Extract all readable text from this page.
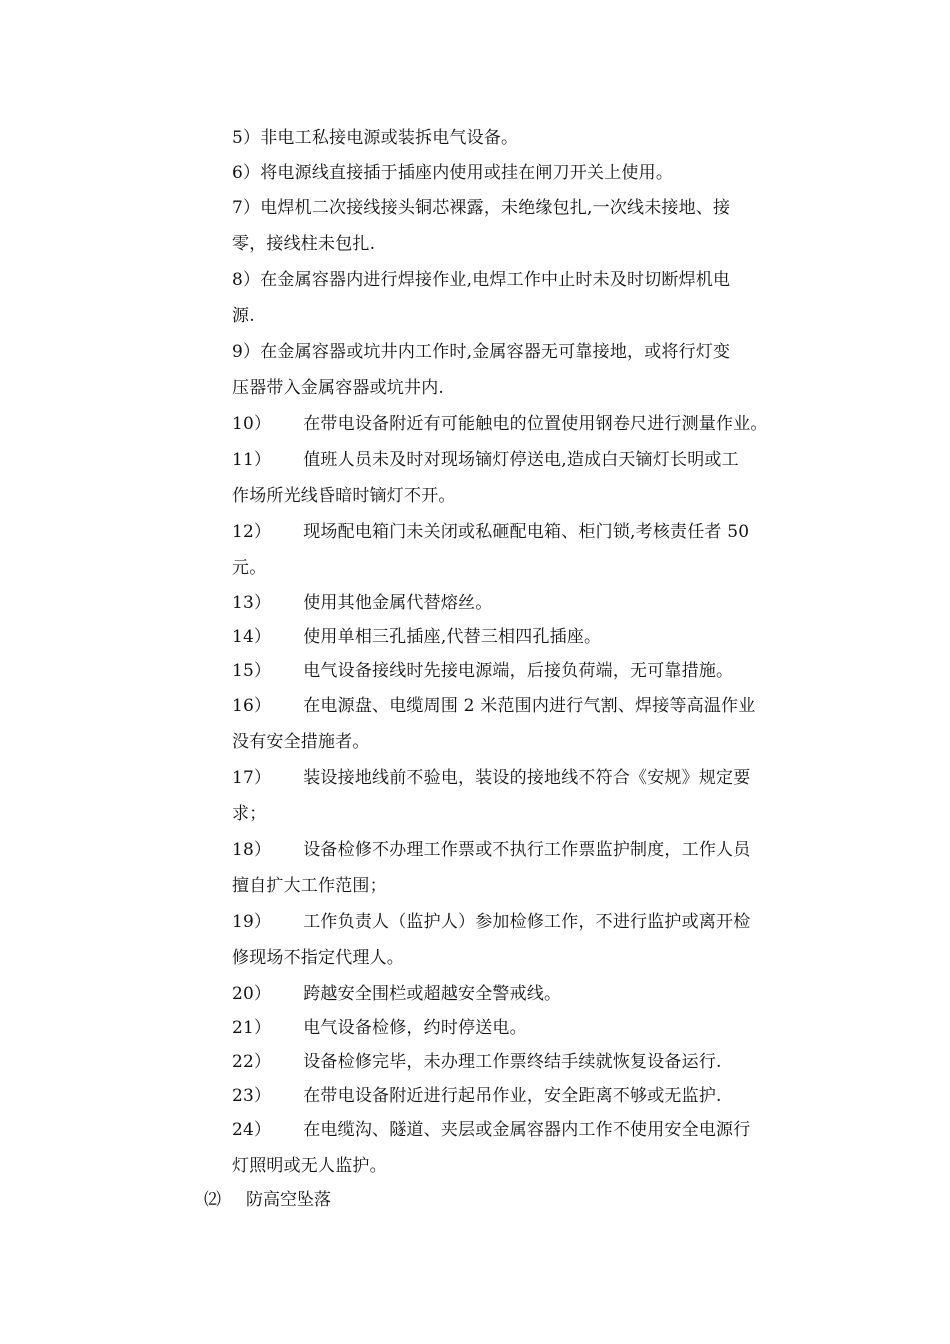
5）非电工私接电源或装拆电气设备。
6）将电源线直接插于插座内使用或挂在闸刀开关上使用。
7）电焊机二次接线接头铜芯裸露，未绝缘包扎,一次线未接地、接
零，接线柱未包扎.
8）在金属容器内进行焊接作业,电焊工作中止时未及时切断焊机电
源.
9）在金属容器或坑井内工作时,金属容器无可靠接地，或将行灯变
压器带入金属容器或坑井内.
10） 在带电设备附近有可能触电的位置使用钢卷尺进行测量作业。
11） 值班人员未及时对现场镝灯停送电,造成白天镝灯长明或工
作场所光线昏暗时镝灯不开。
12） 现场配电箱门未关闭或私砸配电箱、柜门锁,考核责任者 50
元。
13） 使用其他金属代替熔丝。
14） 使用单相三孔插座,代替三相四孔插座。
15） 电气设备接线时先接电源端，后接负荷端，无可靠措施。
16） 在电源盘、电缆周围 2 米范围内进行气割、焊接等高温作业
没有安全措施者。
17） 装设接地线前不验电，装设的接地线不符合《安规》规定要
求；
18） 设备检修不办理工作票或不执行工作票监护制度，工作人员
擅自扩大工作范围；
19） 工作负责人（监护人）参加检修工作，不进行监护或离开检
修现场不指定代理人。
20） 跨越安全围栏或超越安全警戒线。
21） 电气设备检修，约时停送电。
22） 设备检修完毕，未办理工作票终结手续就恢复设备运行.
23） 在带电设备附近进行起吊作业，安全距离不够或无监护.
24） 在电缆沟、隧道、夹层或金属容器内工作不使用安全电源行
灯照明或无人监护。
⑵ 防高空坠落
